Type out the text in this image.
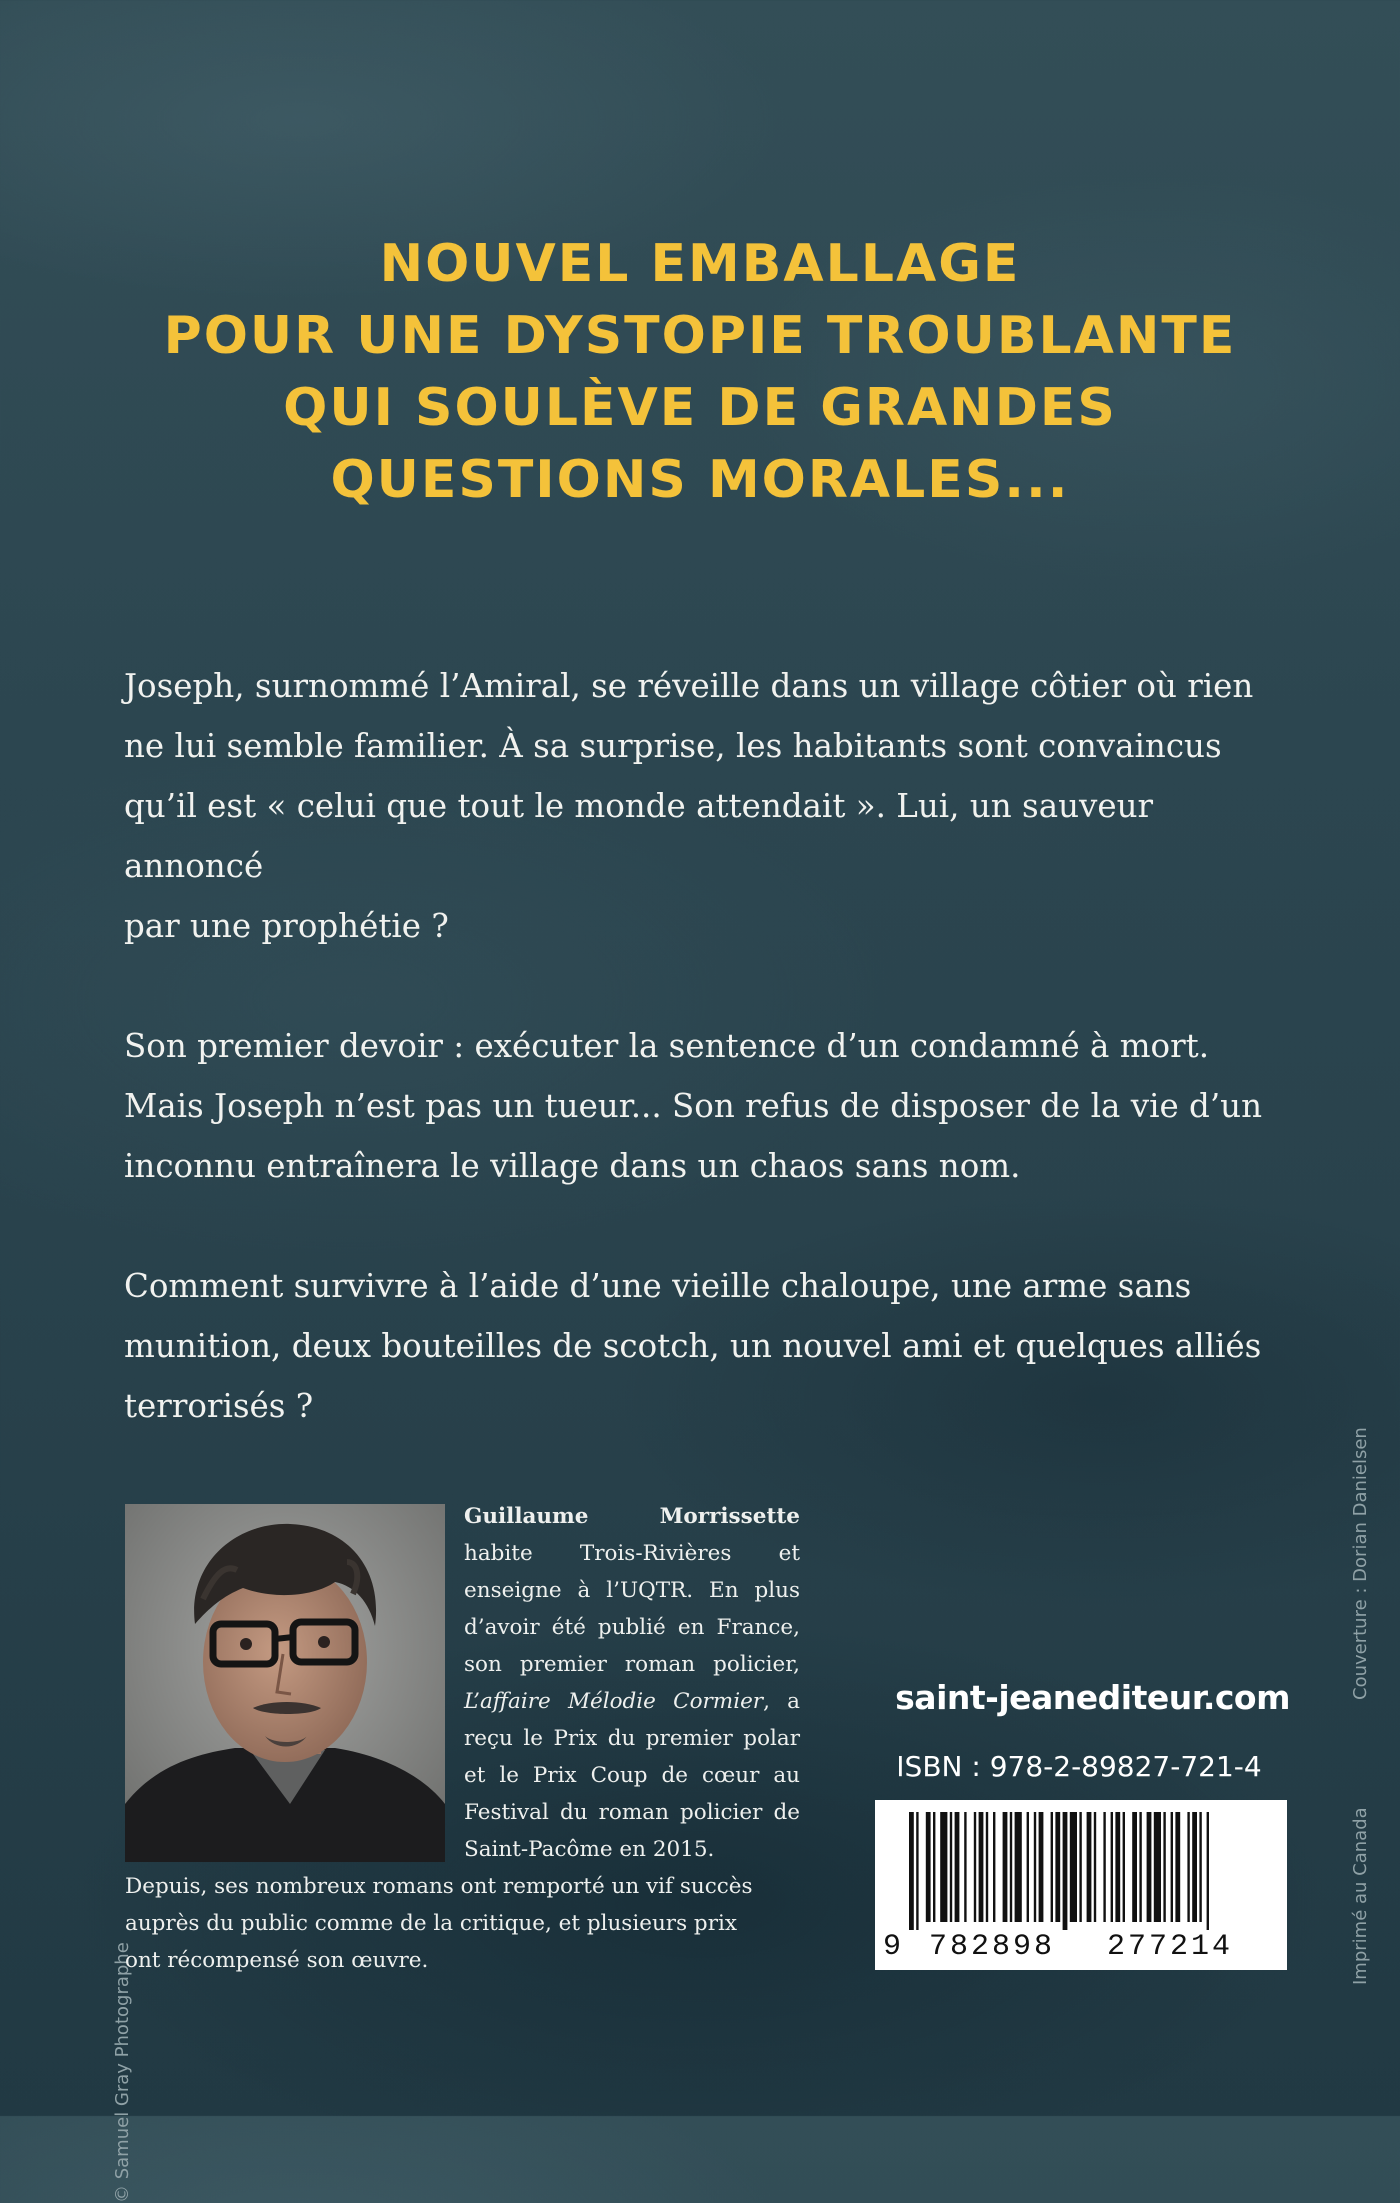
NOUVEL EMBALLAGE
POUR UNE DYSTOPIE TROUBLANTE
QUI SOULÈVE DE GRANDES
QUESTIONS MORALES...

Joseph, surnommé l’Amiral, se réveille dans un village côtier où rien
ne lui semble familier. À sa surprise, les habitants sont convaincus
qu’il est « celui que tout le monde attendait ». Lui, un sauveur annoncé
par une prophétie ?

Son premier devoir : exécuter la sentence d’un condamné à mort.
Mais Joseph n’est pas un tueur... Son refus de disposer de la vie d’un
inconnu entraînera le village dans un chaos sans nom.

Comment survivre à l’aide d’une vieille chaloupe, une arme sans
munition, deux bouteilles de scotch, un nouvel ami et quelques alliés
terrorisés ?

© Samuel Gray Photographe
Guillaume Morrissette habite Trois-Rivières et enseigne à l’UQTR. En plus d’avoir été publié en France, son premier roman policier, L’affaire Mélodie Cormier, a reçu le Prix du premier polar et le Prix Coup de cœur au Festival du roman policier de Saint-Pacôme en 2015.
Depuis, ses nombreux romans ont remporté un vif succès
auprès du public comme de la critique, et plusieurs prix
ont récompensé son œuvre.
saint-jeanediteur.com
ISBN : 978-2-89827-721-4
9 782898 277214
Couverture : Dorian Danielsen
Imprimé au Canada
